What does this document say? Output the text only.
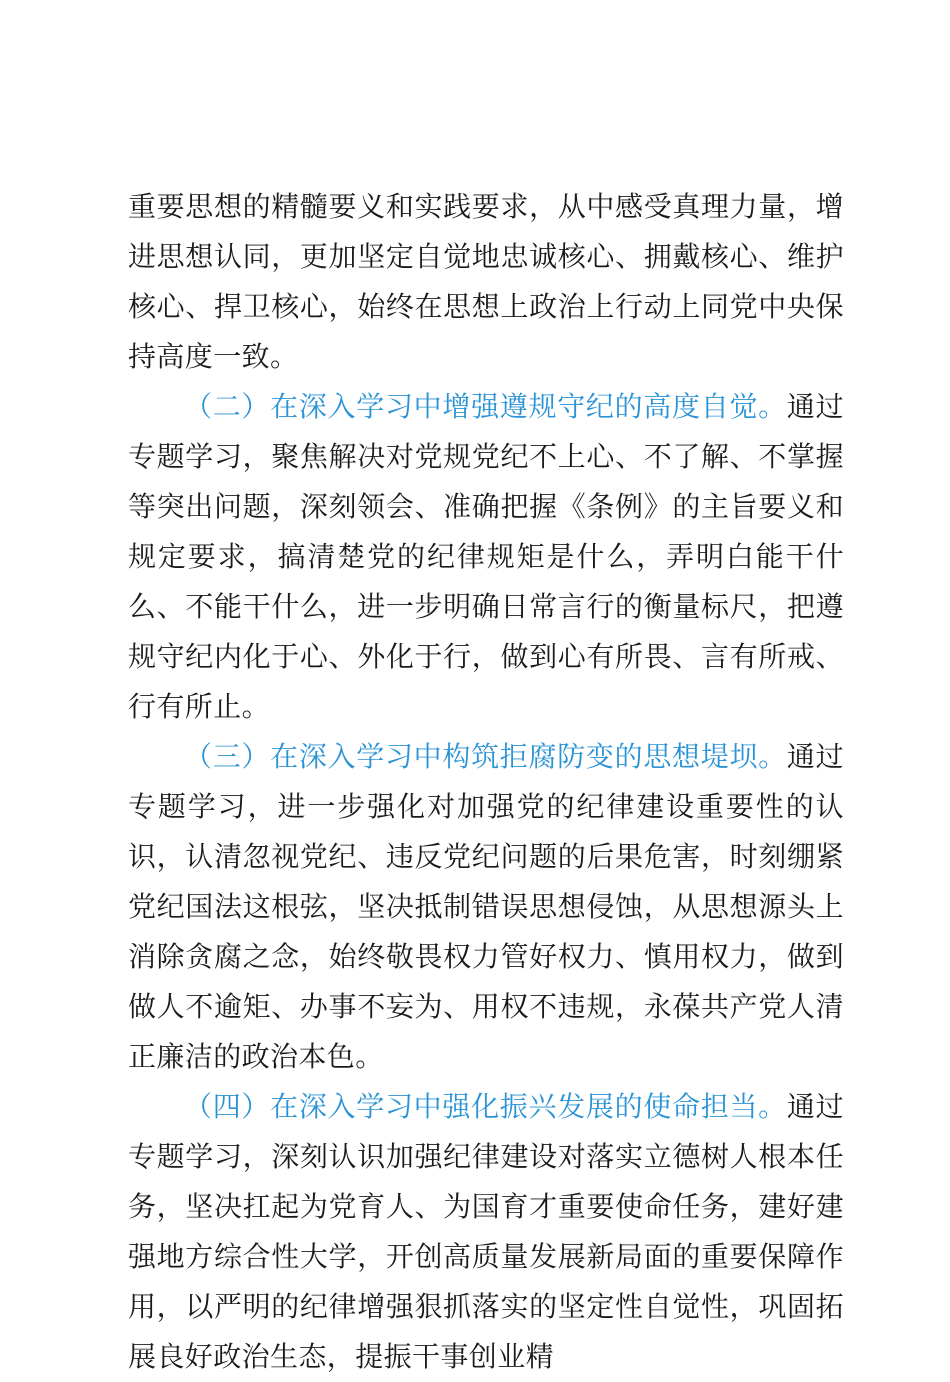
重要思想的精髓要义和实践要求，从中感受真理力量，增进思想认同，更加坚定自觉地忠诚核心、拥戴核心、维护核心、捍卫核心，始终在思想上政治上行动上同党中央保持高度一致。

（二）在深入学习中增强遵规守纪的高度自觉。通过专题学习，聚焦解决对党规党纪不上心、不了解、不掌握等突出问题，深刻领会、准确把握《条例》的主旨要义和规定要求，搞清楚党的纪律规矩是什么，弄明白能干什么、不能干什么，进一步明确日常言行的衡量标尺，把遵规守纪内化于心、外化于行，做到心有所畏、言有所戒、行有所止。

（三）在深入学习中构筑拒腐防变的思想堤坝。通过专题学习，进一步强化对加强党的纪律建设重要性的认识，认清忽视党纪、违反党纪问题的后果危害，时刻绷紧党纪国法这根弦，坚决抵制错误思想侵蚀，从思想源头上消除贪腐之念，始终敬畏权力管好权力、慎用权力，做到做人不逾矩、办事不妄为、用权不违规，永葆共产党人清正廉洁的政治本色。

（四）在深入学习中强化振兴发展的使命担当。通过专题学习，深刻认识加强纪律建设对落实立德树人根本任务，坚决扛起为党育人、为国育才重要使命任务，建好建强地方综合性大学，开创高质量发展新局面的重要保障作用，以严明的纪律增强狠抓落实的坚定性自觉性，巩固拓展良好政治生态，提振干事创业精
